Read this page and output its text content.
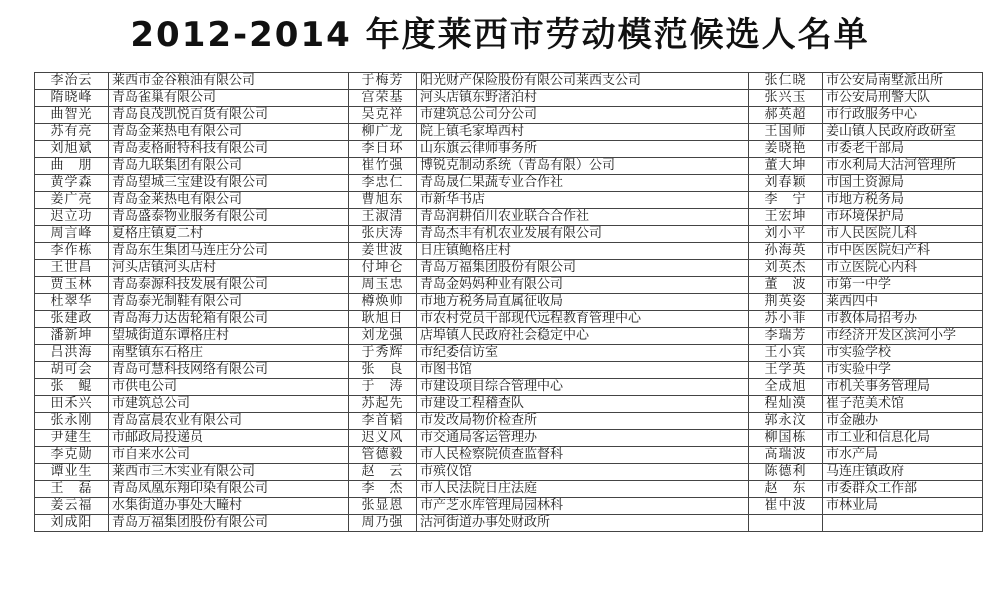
2012-2014 年度莱西市劳动模范候选人名单
李治云	莱西市金谷粮油有限公司	于梅芳	阳光财产保险股份有限公司莱西支公司	张仁晓	市公安局南墅派出所
隋晓峰	青岛雀巢有限公司	宫荣基	河头店镇东野渚泊村	张兴玉	市公安局刑警大队
曲智光	青岛良茂凯悦百货有限公司	吴克祥	市建筑总公司分公司	郝英超	市行政服务中心
苏有亮	青岛金莱热电有限公司	柳广龙	院上镇毛家埠西村	王国师	姜山镇人民政府政研室
刘旭斌	青岛麦格耐特科技有限公司	李日环	山东旗云律师事务所	姜晓艳	市委老干部局
曲　朋	青岛九联集团有限公司	崔竹强	博锐克制动系统（青岛有限）公司	董大坤	市水利局大沽河管理所
黄学森	青岛望城三宝建设有限公司	李忠仁	青岛晟仁果蔬专业合作社	刘春颖	市国土资源局
姜广亮	青岛金莱热电有限公司	曹旭东	市新华书店	李　宁	市地方税务局
迟立功	青岛盛泰物业服务有限公司	王淑清	青岛润耕佰川农业联合合作社	王宏坤	市环境保护局
周言峰	夏格庄镇夏二村	张庆涛	青岛杰丰有机农业发展有限公司	刘小平	市人民医院儿科
李作栋	青岛东生集团马连庄分公司	姜世波	日庄镇鲍格庄村	孙海英	市中医医院妇产科
王世昌	河头店镇河头店村	付坤仑	青岛万福集团股份有限公司	刘英杰	市立医院心内科
贾玉林	青岛泰源科技发展有限公司	周玉忠	青岛金妈妈种业有限公司	董　波	市第一中学
杜翠华	青岛泰光制鞋有限公司	樽焕帅	市地方税务局直属征收局	荆英姿	莱西四中
张建政	青岛海力达齿轮箱有限公司	耿旭日	市农村党员干部现代远程教育管理中心	苏小菲	市教体局招考办
潘新坤	望城街道东谭格庄村	刘龙强	店埠镇人民政府社会稳定中心	李瑞芳	市经济开发区滨河小学
吕洪海	南墅镇东石格庄	于秀辉	市纪委信访室	王小宾	市实验学校
胡可会	青岛可慧科技网络有限公司	张　良	市图书馆	王学英	市实验中学
张　鲲	市供电公司	于　涛	市建设项目综合管理中心	全成旭	市机关事务管理局
田禾兴	市建筑总公司	苏起先	市建设工程稽查队	程灿漠	崔子范美术馆
张永刚	青岛富晨农业有限公司	李首韬	市发改局物价检查所	郭永汶	市金融办
尹建生	市邮政局投递员	迟义风	市交通局客运管理办	柳国栋	市工业和信息化局
李克勋	市自来水公司	管德毅	市人民检察院侦查监督科	高瑞波	市水产局
谭业生	莱西市三木实业有限公司	赵　云	市殡仪馆	陈德利	马连庄镇政府
王　磊	青岛凤凰东翔印染有限公司	李　杰	市人民法院日庄法庭	赵　东	市委群众工作部
姜云福	水集街道办事处大疃村	张显恩	市产芝水库管理局园林科	崔中波	市林业局
刘成阳	青岛万福集团股份有限公司	周乃强	沽河街道办事处财政所		
